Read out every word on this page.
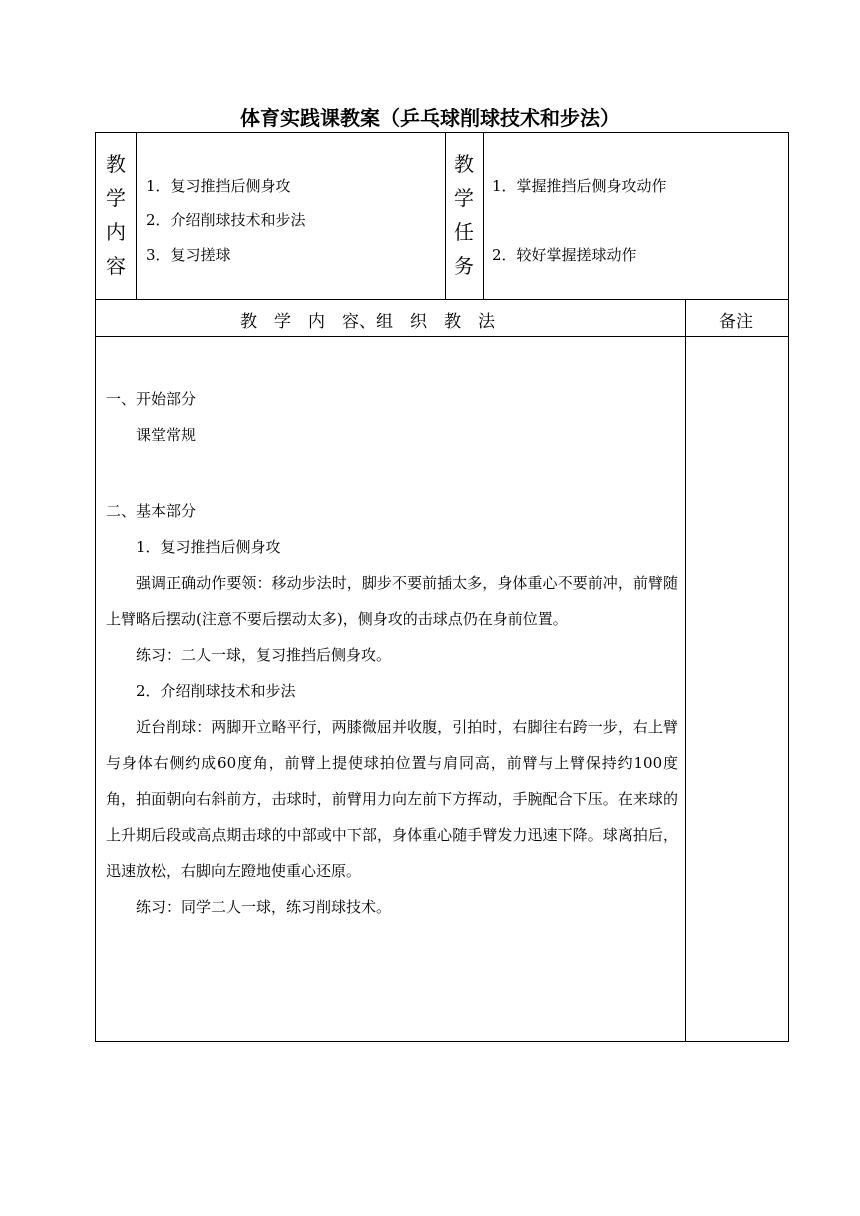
体育实践课教案（乒乓球削球技术和步法）
教
学
内
容
1．复习推挡后侧身攻
2．介绍削球技术和步法
3．复习搓球
教
学
任
务
1．掌握推挡后侧身攻动作
2．较好掌握搓球动作
教　学　内　容、组　织　教　法	备注

一、开始部分

课堂常规

二、基本部分

1．复习推挡后侧身攻

强调正确动作要领：移动步法时，脚步不要前插太多，身体重心不要前冲，前臂随上臂略后摆动(注意不要后摆动太多)，侧身攻的击球点仍在身前位置。

练习：二人一球，复习推挡后侧身攻。

2．介绍削球技术和步法

近台削球：两脚开立略平行，两膝微屈并收腹，引拍时，右脚往右跨一步，右上臂与身体右侧约成60度角，前臂上提使球拍位置与肩同高，前臂与上臂保持约100度角，拍面朝向右斜前方，击球时，前臂用力向左前下方挥动，手腕配合下压。在来球的上升期后段或高点期击球的中部或中下部，身体重心随手臂发力迅速下降。球离拍后，迅速放松，右脚向左蹬地使重心还原。

练习：同学二人一球，练习削球技术。
